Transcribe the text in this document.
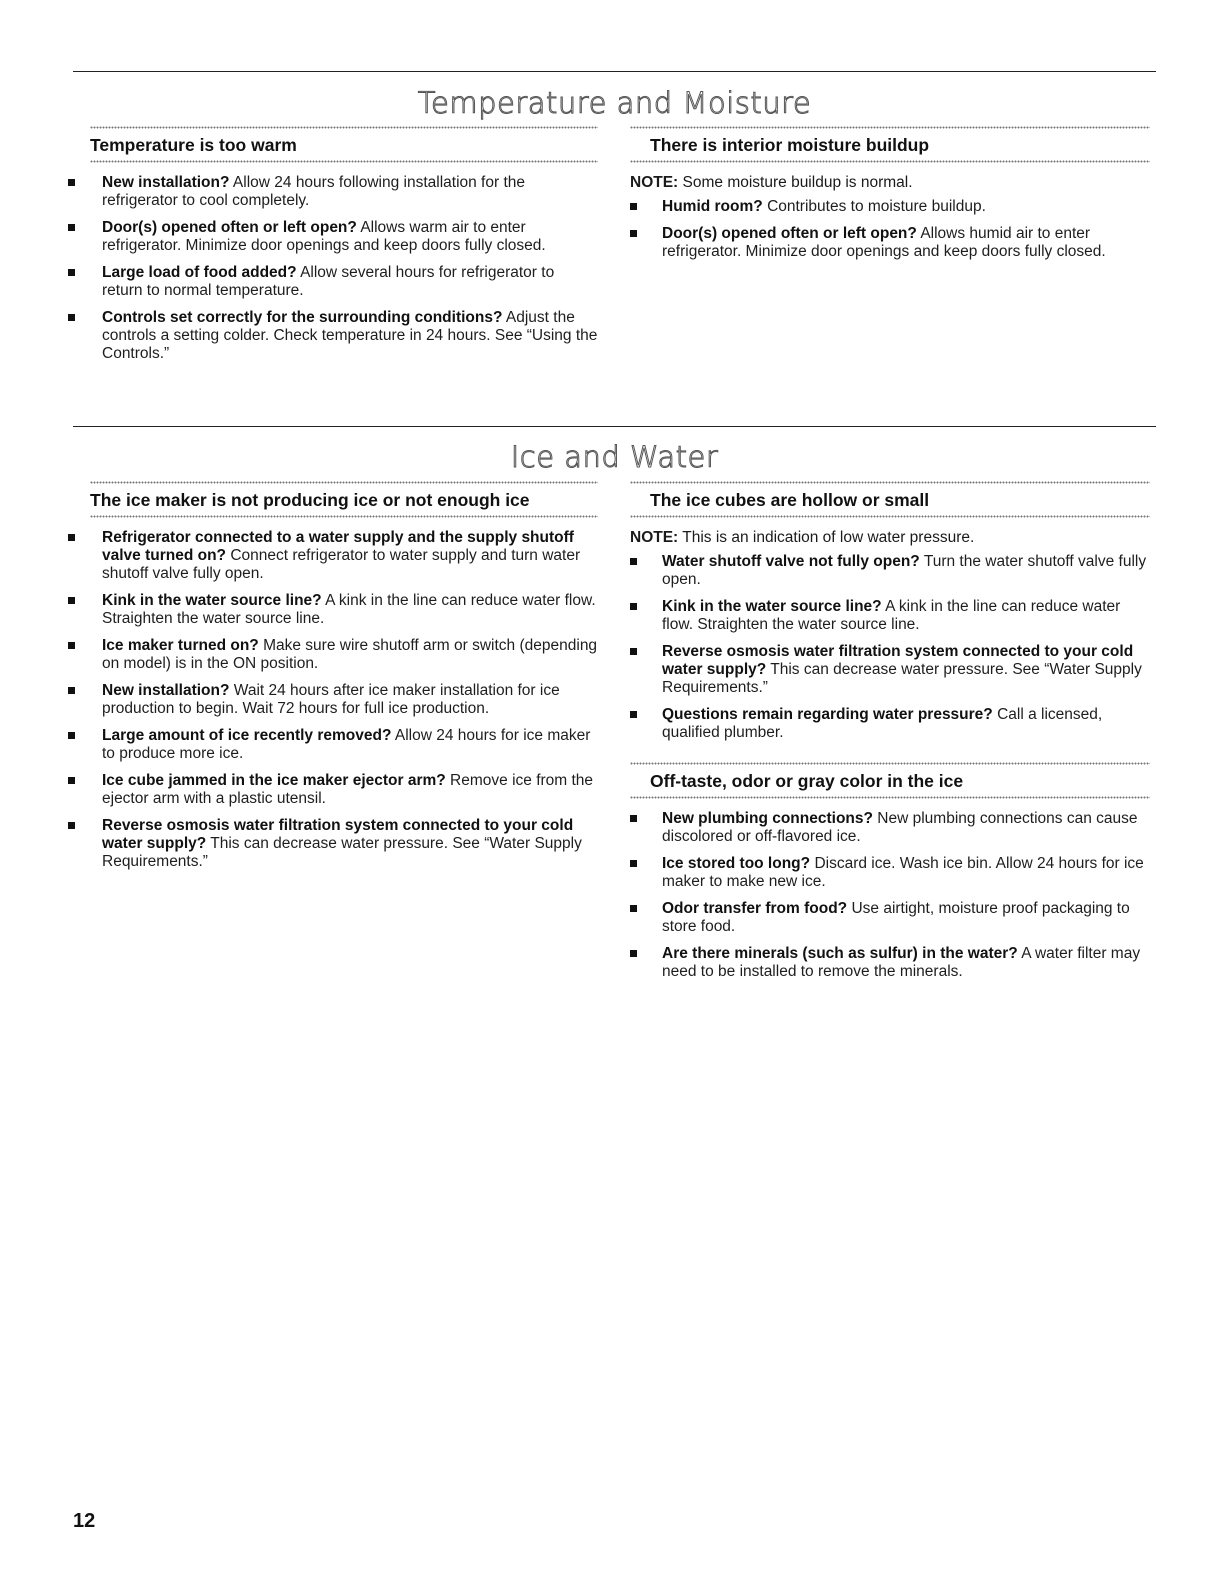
Temperature and Moisture
Temperature is too warm
New installation? Allow 24 hours following installation for the refrigerator to cool completely.
Door(s) opened often or left open? Allows warm air to enter refrigerator. Minimize door openings and keep doors fully closed.
Large load of food added? Allow several hours for refrigerator to return to normal temperature.
Controls set correctly for the surrounding conditions? Adjust the controls a setting colder. Check temperature in 24 hours. See “Using the Controls.”
There is interior moisture buildup
NOTE: Some moisture buildup is normal.
Humid room? Contributes to moisture buildup.
Door(s) opened often or left open? Allows humid air to enter refrigerator. Minimize door openings and keep doors fully closed.
Ice and Water
The ice maker is not producing ice or not enough ice
Refrigerator connected to a water supply and the supply shutoff valve turned on? Connect refrigerator to water supply and turn water shutoff valve fully open.
Kink in the water source line? A kink in the line can reduce water flow. Straighten the water source line.
Ice maker turned on? Make sure wire shutoff arm or switch (depending on model) is in the ON position.
New installation? Wait 24 hours after ice maker installation for ice production to begin. Wait 72 hours for full ice production.
Large amount of ice recently removed? Allow 24 hours for ice maker to produce more ice.
Ice cube jammed in the ice maker ejector arm? Remove ice from the ejector arm with a plastic utensil.
Reverse osmosis water filtration system connected to your cold water supply? This can decrease water pressure. See “Water Supply Requirements.”
The ice cubes are hollow or small
NOTE: This is an indication of low water pressure.
Water shutoff valve not fully open? Turn the water shutoff valve fully open.
Kink in the water source line? A kink in the line can reduce water flow. Straighten the water source line.
Reverse osmosis water filtration system connected to your cold water supply? This can decrease water pressure. See “Water Supply Requirements.”
Questions remain regarding water pressure? Call a licensed, qualified plumber.
Off-taste, odor or gray color in the ice
New plumbing connections? New plumbing connections can cause discolored or off-flavored ice.
Ice stored too long? Discard ice. Wash ice bin. Allow 24 hours for ice maker to make new ice.
Odor transfer from food? Use airtight, moisture proof packaging to store food.
Are there minerals (such as sulfur) in the water? A water filter may need to be installed to remove the minerals.
12
